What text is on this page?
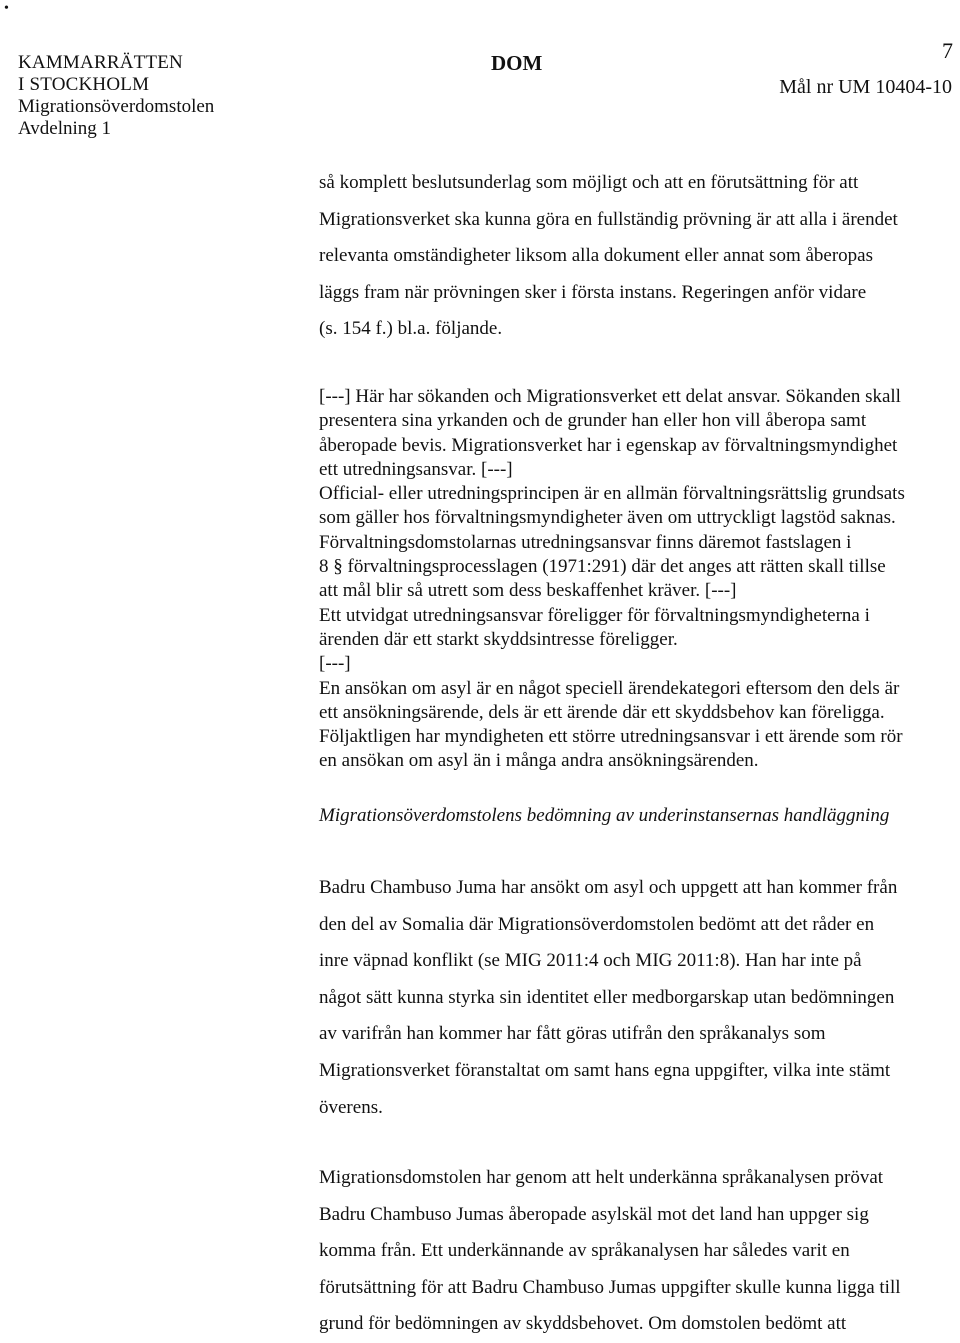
•
KAMMARRÄTTEN
I STOCKHOLM
Migrationsöverdomstolen
Avdelning 1
DOM	7
Mål nr UM 10404-10

så komplett beslutsunderlag som möjligt och att en förutsättning för att
Migrationsverket ska kunna göra en fullständig prövning är att alla i ärendet
relevanta omständigheter liksom alla dokument eller annat som åberopas
läggs fram när prövningen sker i första instans. Regeringen anför vidare
(s. 154 f.) bl.a. följande.

[---] Här har sökanden och Migrationsverket ett delat ansvar. Sökanden skall
presentera sina yrkanden och de grunder han eller hon vill åberopa samt
åberopade bevis. Migrationsverket har i egenskap av förvaltningsmyndighet
ett utredningsansvar. [---]
Official- eller utredningsprincipen är en allmän förvaltningsrättslig grundsats
som gäller hos förvaltningsmyndigheter även om uttryckligt lagstöd saknas.
Förvaltningsdomstolarnas utredningsansvar finns däremot fastslagen i
8 § förvaltningsprocesslagen (1971:291) där det anges att rätten skall tillse
att mål blir så utrett som dess beskaffenhet kräver. [---]
Ett utvidgat utredningsansvar föreligger för förvaltningsmyndigheterna i
ärenden där ett starkt skyddsintresse föreligger.
[---]
En ansökan om asyl är en något speciell ärendekategori eftersom den dels är
ett ansökningsärende, dels är ett ärende där ett skyddsbehov kan föreligga.
Följaktligen har myndigheten ett större utredningsansvar i ett ärende som rör
en ansökan om asyl än i många andra ansökningsärenden.

Migrationsöverdomstolens bedömning av underinstansernas handläggning

Badru Chambuso Juma har ansökt om asyl och uppgett att han kommer från
den del av Somalia där Migrationsöverdomstolen bedömt att det råder en
inre väpnad konflikt (se MIG 2011:4 och MIG 2011:8). Han har inte på
något sätt kunna styrka sin identitet eller medborgarskap utan bedömningen
av varifrån han kommer har fått göras utifrån den språkanalys som
Migrationsverket föranstaltat om samt hans egna uppgifter, vilka inte stämt
överens.

Migrationsdomstolen har genom att helt underkänna språkanalysen prövat
Badru Chambuso Jumas åberopade asylskäl mot det land han uppger sig
komma från. Ett underkännande av språkanalysen har således varit en
förutsättning för att Badru Chambuso Jumas uppgifter skulle kunna ligga till
grund för bedömningen av skyddsbehovet. Om domstolen bedömt att
